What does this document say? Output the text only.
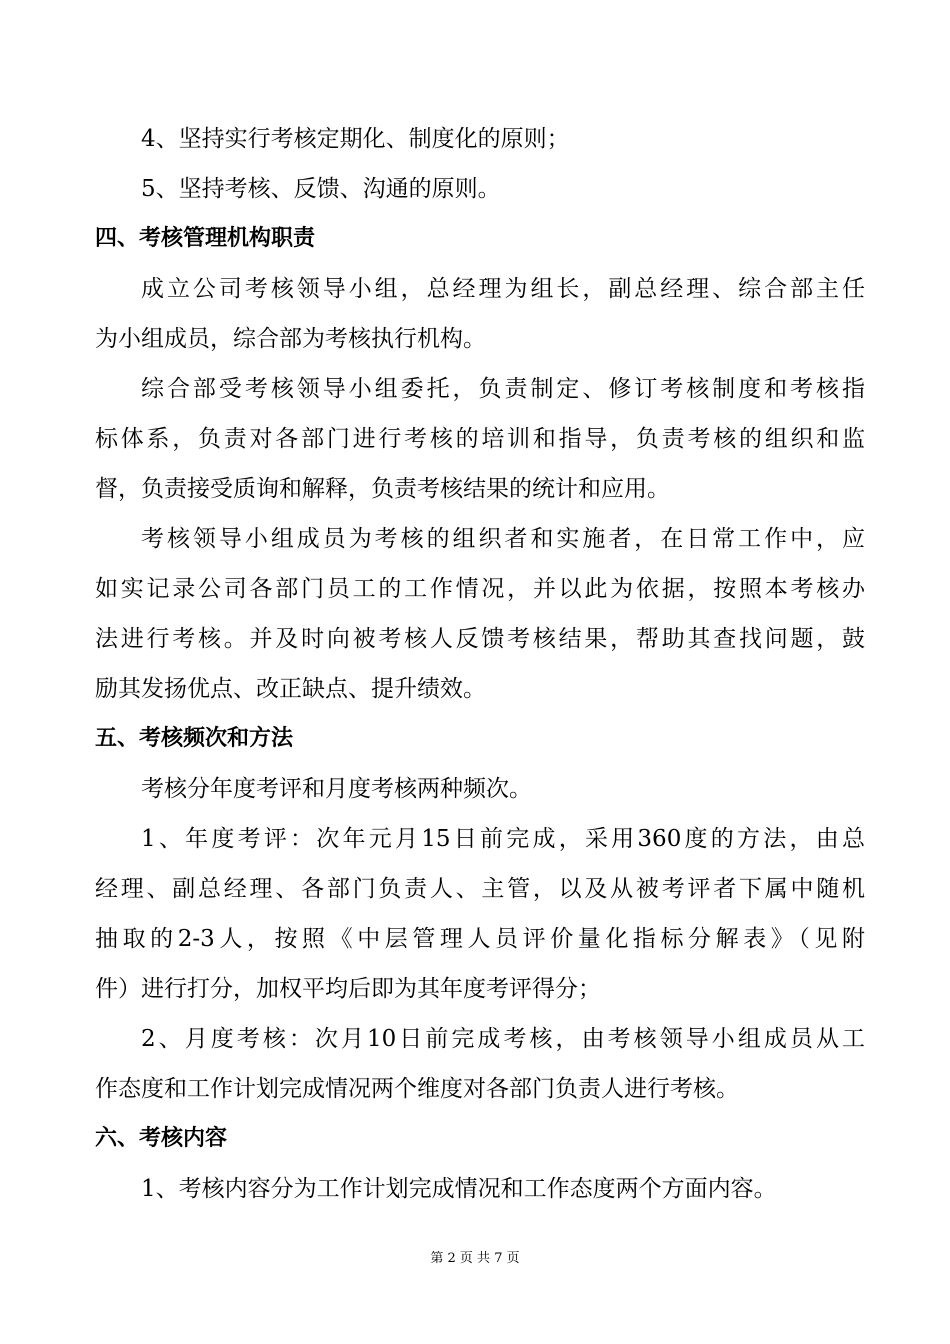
4、坚持实行考核定期化、制度化的原则；
5、坚持考核、反馈、沟通的原则。
四、考核管理机构职责
成立公司考核领导小组，总经理为组长，副总经理、综合部主任
为小组成员，综合部为考核执行机构。
综合部受考核领导小组委托，负责制定、修订考核制度和考核指
标体系，负责对各部门进行考核的培训和指导，负责考核的组织和监
督，负责接受质询和解释，负责考核结果的统计和应用。
考核领导小组成员为考核的组织者和实施者，在日常工作中，应
如实记录公司各部门员工的工作情况，并以此为依据，按照本考核办
法进行考核。并及时向被考核人反馈考核结果，帮助其查找问题，鼓
励其发扬优点、改正缺点、提升绩效。
五、考核频次和方法
考核分年度考评和月度考核两种频次。
1、年度考评：次年元月15日前完成，采用360度的方法，由总
经理、副总经理、各部门负责人、主管，以及从被考评者下属中随机
抽取的2-3人，按照《中层管理人员评价量化指标分解表》（见附
件）进行打分，加权平均后即为其年度考评得分；
2、月度考核：次月10日前完成考核，由考核领导小组成员从工
作态度和工作计划完成情况两个维度对各部门负责人进行考核。
六、考核内容
1、考核内容分为工作计划完成情况和工作态度两个方面内容。
第 2 页 共 7 页
